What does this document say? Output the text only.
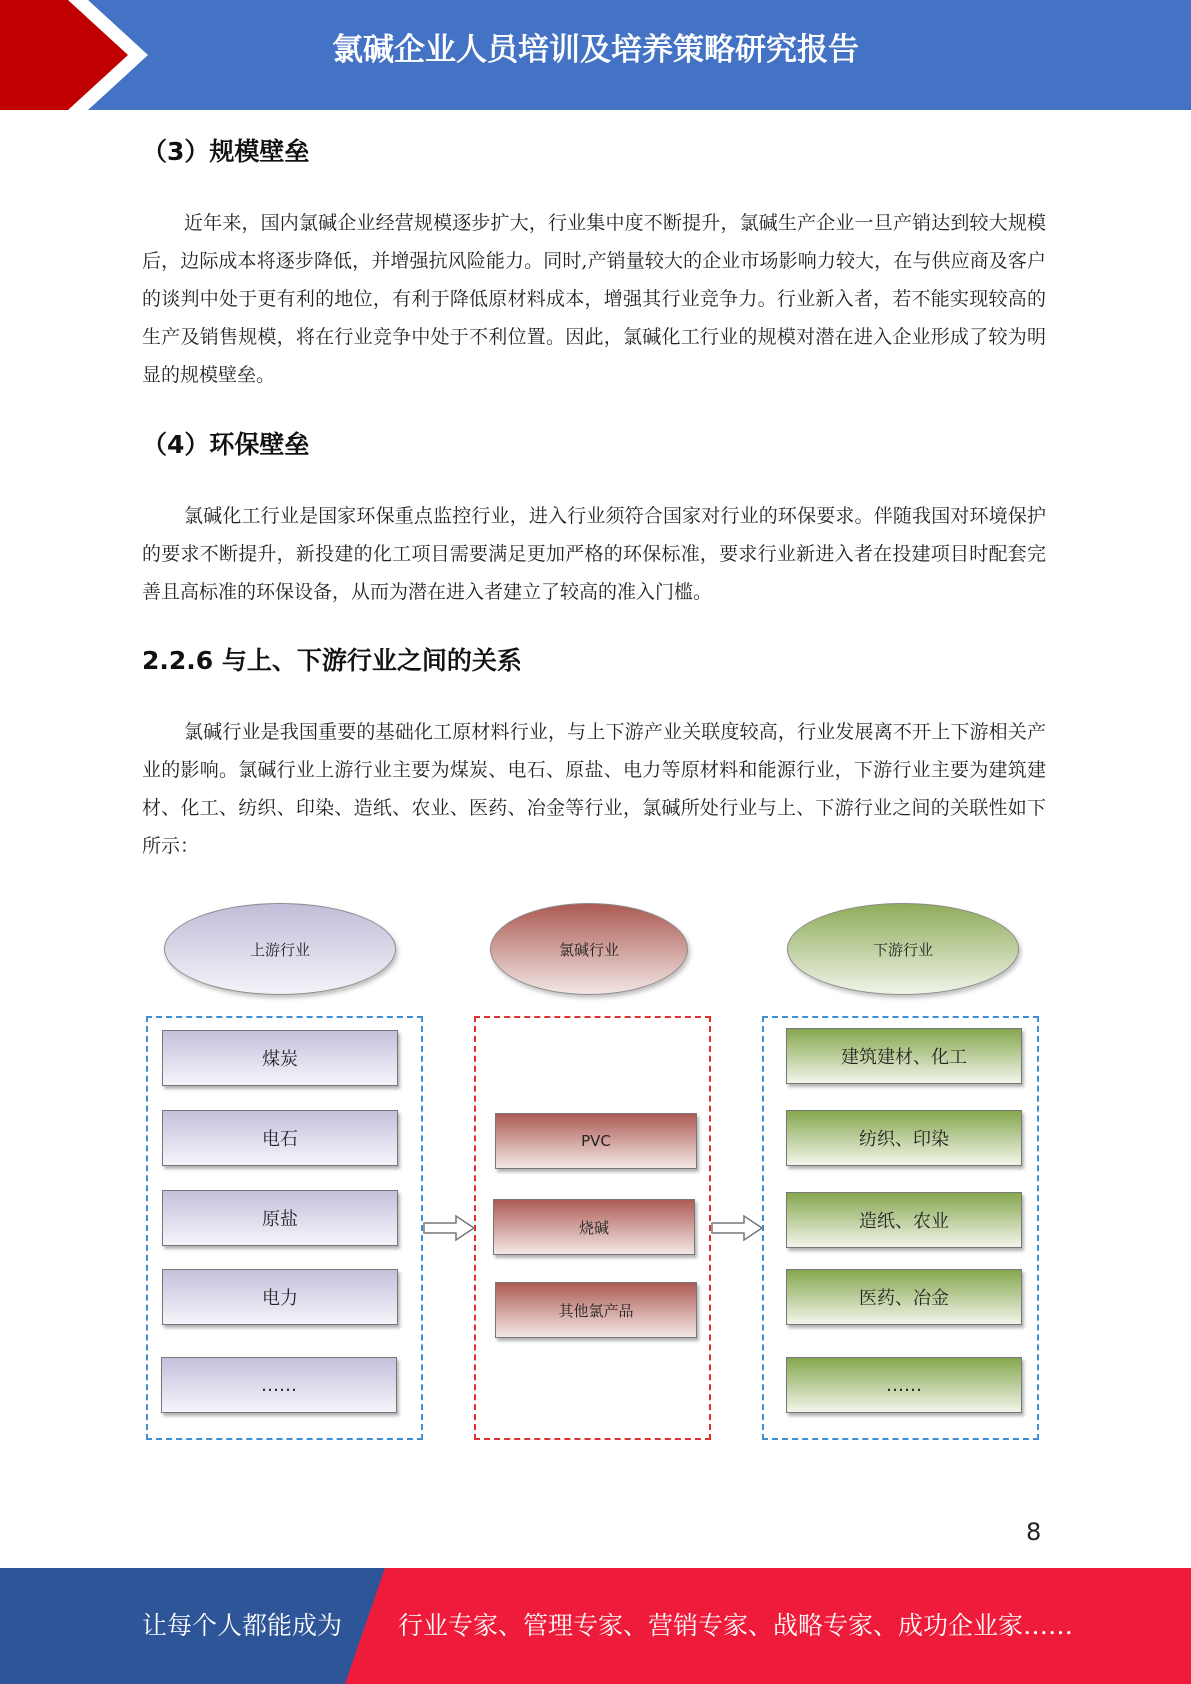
氯碱企业人员培训及培养策略研究报告
（3）规模壁垒

近年来，国内氯碱企业经营规模逐步扩大，行业集中度不断提升，氯碱生产企业一旦产销达到较大规模后，边际成本将逐步降低，并增强抗风险能力。同时,产销量较大的企业市场影响力较大，在与供应商及客户的谈判中处于更有利的地位，有利于降低原材料成本，增强其行业竞争力。行业新入者，若不能实现较高的生产及销售规模，将在行业竞争中处于不利位置。因此，氯碱化工行业的规模对潜在进入企业形成了较为明显的规模壁垒。

（4）环保壁垒

氯碱化工行业是国家环保重点监控行业，进入行业须符合国家对行业的环保要求。伴随我国对环境保护的要求不断提升，新投建的化工项目需要满足更加严格的环保标准，要求行业新进入者在投建项目时配套完善且高标准的环保设备，从而为潜在进入者建立了较高的准入门槛。

2.2.6 与上、下游行业之间的关系

氯碱行业是我国重要的基础化工原材料行业，与上下游产业关联度较高，行业发展离不开上下游相关产业的影响。氯碱行业上游行业主要为煤炭、电石、原盐、电力等原材料和能源行业，下游行业主要为建筑建材、化工、纺织、印染、造纸、农业、医药、冶金等行业，氯碱所处行业与上、下游行业之间的关联性如下所示：

上游行业	氯碱行业	下游行业
煤炭
电石
原盐
电力
……
PVC
烧碱
其他氯产品
建筑建材、化工
纺织、印染
造纸、农业
医药、冶金
……
8
让每个人都能成为 行业专家、管理专家、营销专家、战略专家、成功企业家……
